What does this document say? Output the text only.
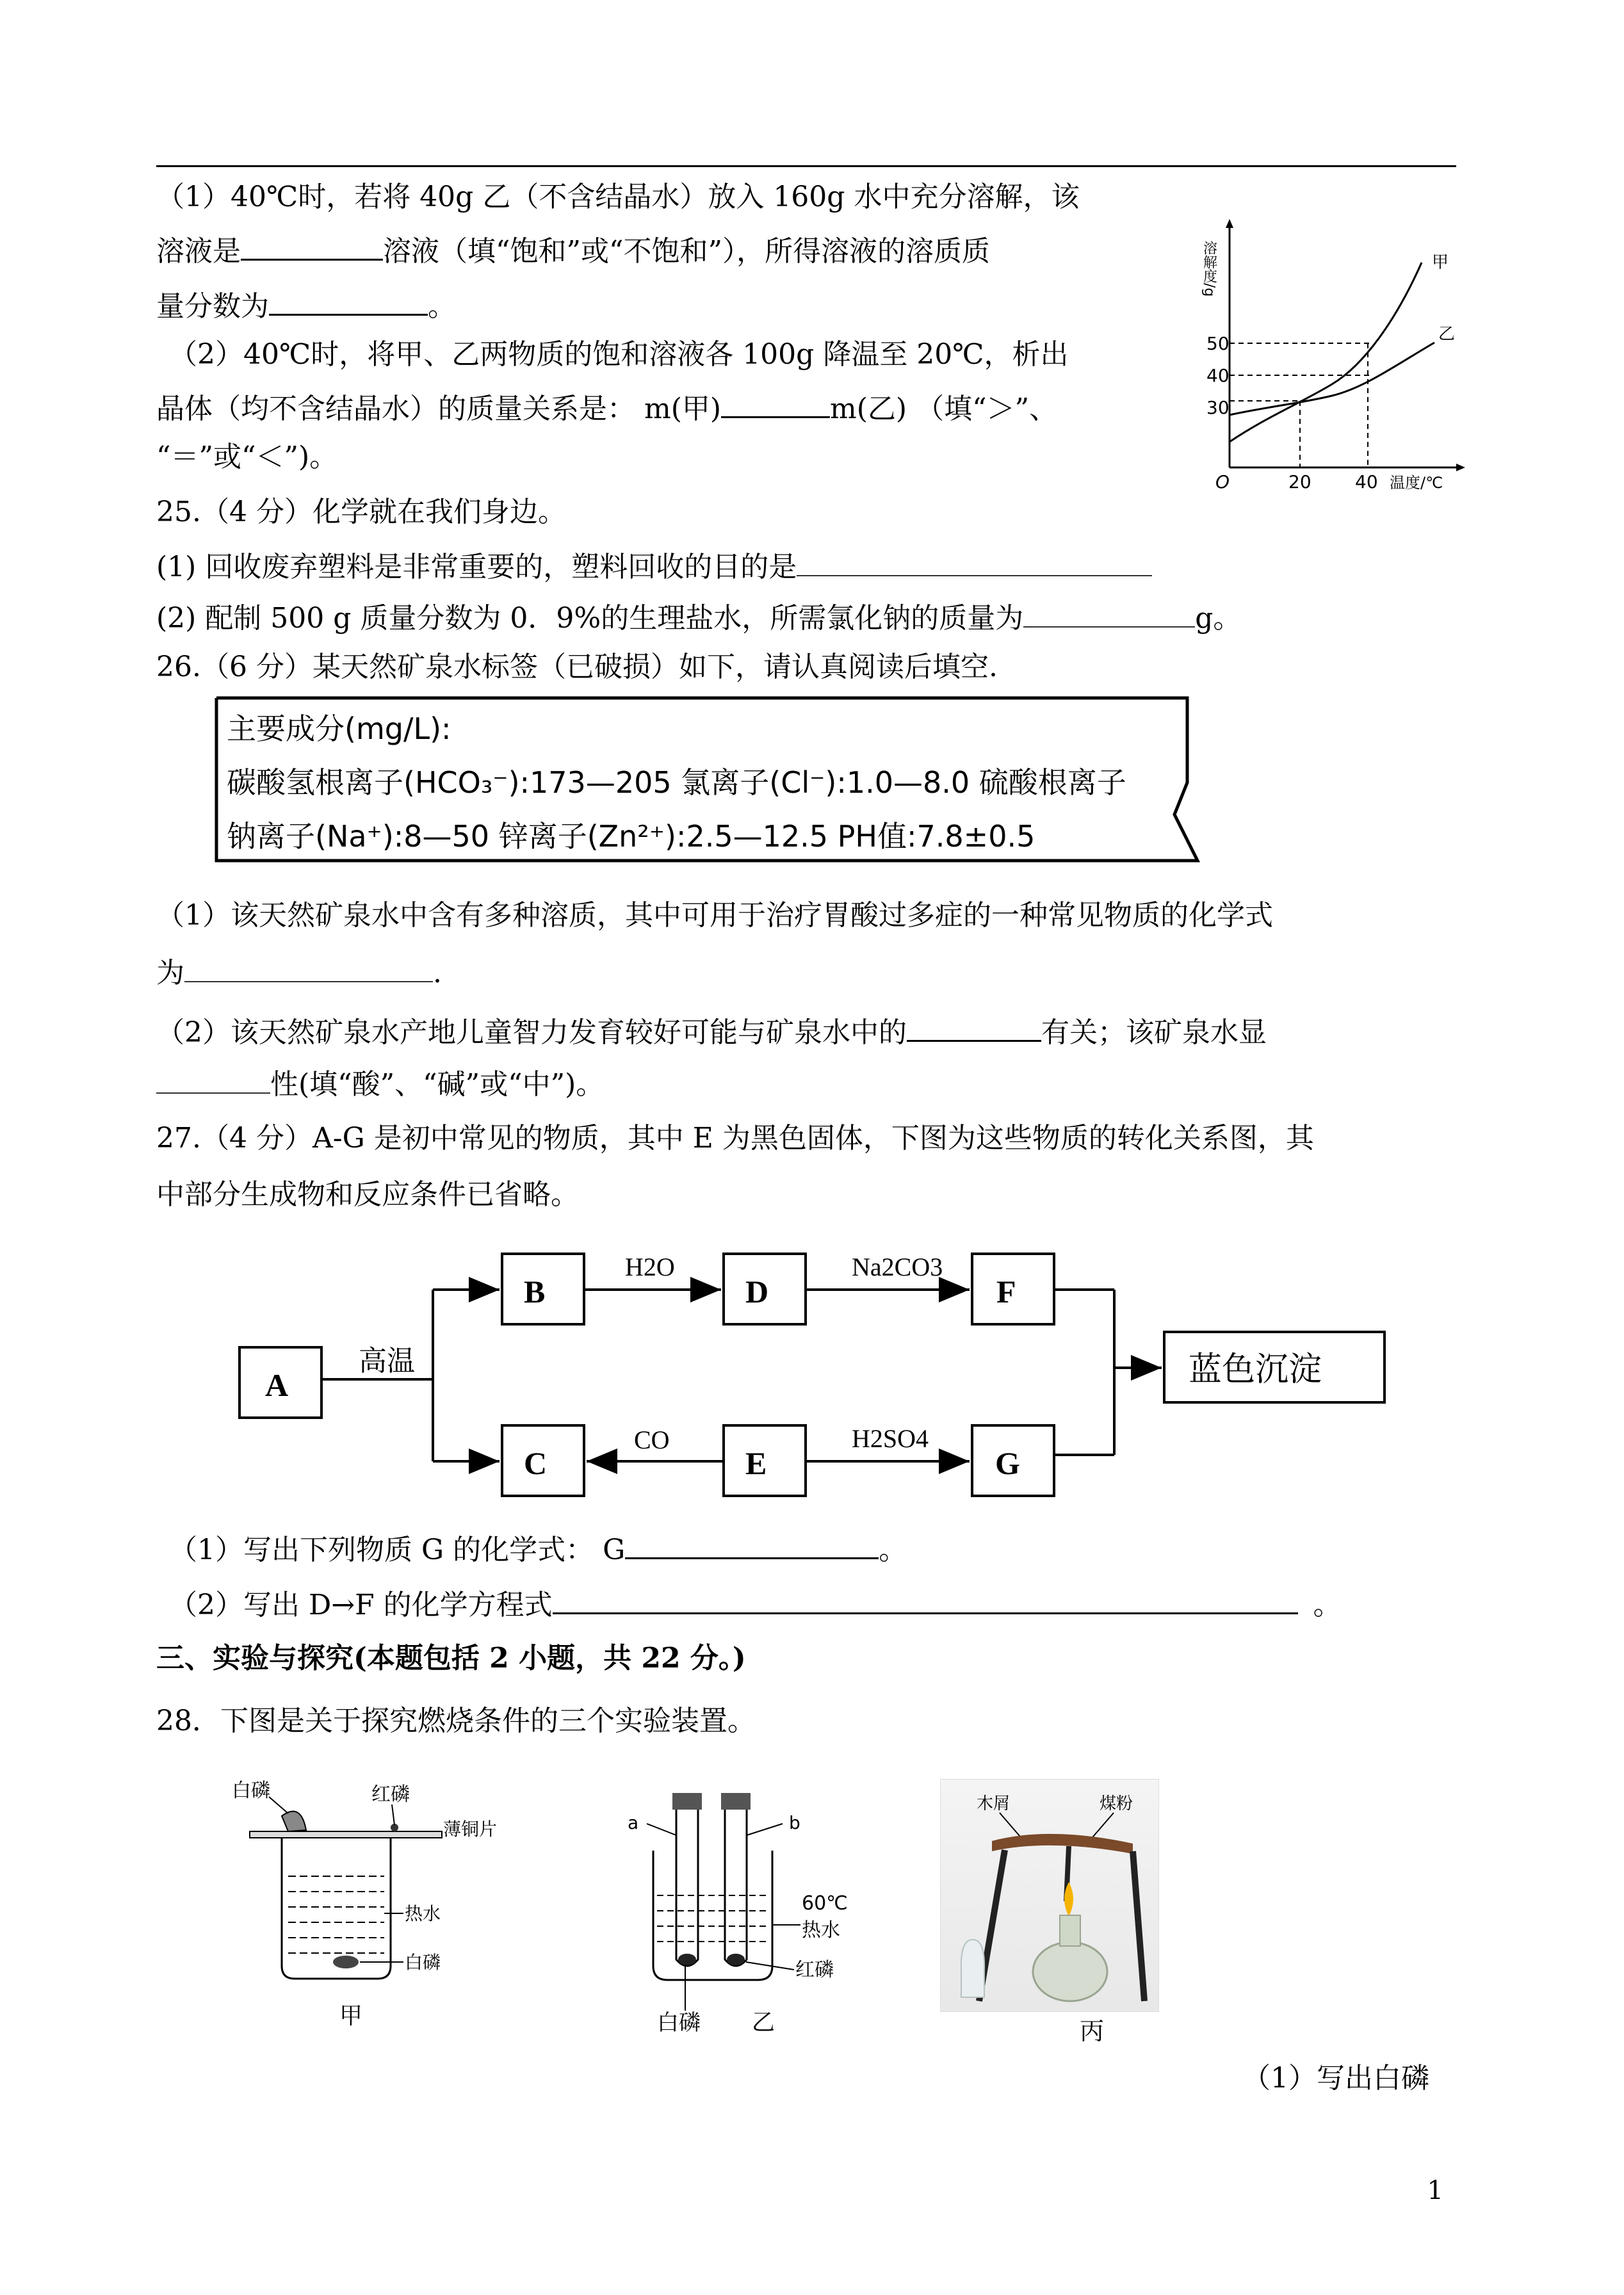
（1）40℃时，若将 40g 乙（不含结晶水）放入 160g 水中充分溶解，该
溶液是	溶液（填“饱和”或“不饱和”），所得溶液的溶质质
量分数为	。
（2）40℃时，将甲、乙两物质的饱和溶液各 100g 降温至 20℃，析出
晶体（均不含结晶水）的质量关系是： m(甲)	m(乙) （填“＞”、
“＝”或“＜”)。
溶解度/g
温度/℃
O
30
40
50
20 40
甲
乙
25.（4 分）化学就在我们身边。
(1) 回收废弃塑料是非常重要的，塑料回收的目的是
(2) 配制 500 g 质量分数为 0．9%的生理盐水，所需氯化钠的质量为	g。
26.（6 分）某天然矿泉水标签（已破损）如下，请认真阅读后填空.
主要成分(mg/L):
碳酸氢根离子(HCO₃⁻):173—205 氯离子(Cl⁻):1.0—8.0 硫酸根离子
钠离子(Na⁺):8—50 锌离子(Zn²⁺):2.5—12.5 PH值:7.8±0.5
（1）该天然矿泉水中含有多种溶质，其中可用于治疗胃酸过多症的一种常见物质的化学式
为	.
（2）该天然矿泉水产地儿童智力发育较好可能与矿泉水中的	有关；该矿泉水显
性(填“酸”、“碱”或“中”)。
27.（4 分）A-G 是初中常见的物质，其中 E 为黑色固体，下图为这些物质的转化关系图，其
中部分生成物和反应条件已省略。
A
B	D	F
C	E	G
蓝色沉淀
高温
H2O	Na2CO3
CO	H2SO4
（1）写出下列物质 G 的化学式： G	。
（2）写出 D→F 的化学方程式	。
三、实验与探究(本题包括 2 小题，共 22 分。)
28．下图是关于探究燃烧条件的三个实验装置。
白磷	红磷
薄铜片
热水
白磷
甲
a	b
60℃
热水
红磷
白磷 乙
木屑	煤粉
丙
（1）写出白磷
1
